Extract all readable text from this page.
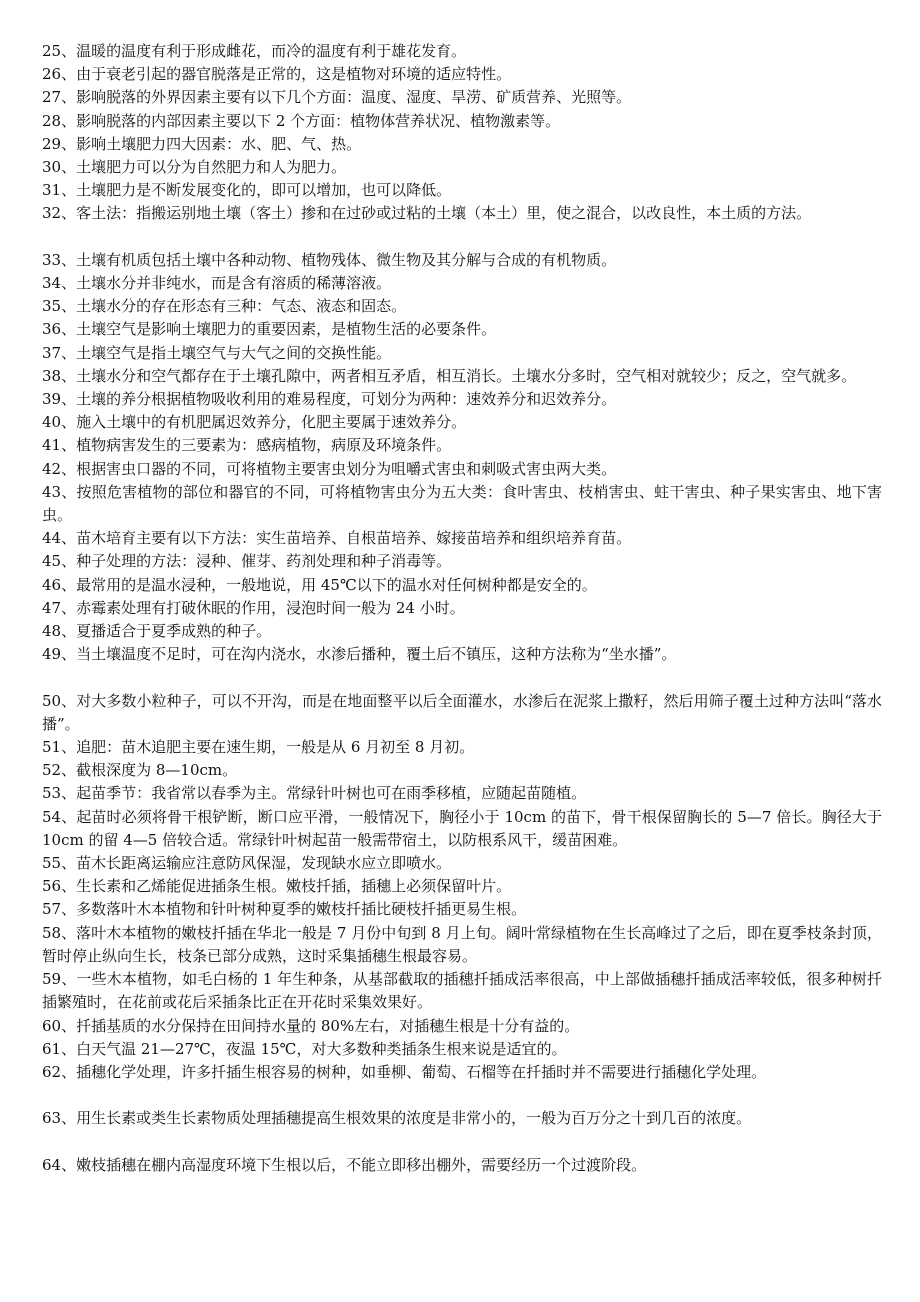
25、温暖的温度有利于形成雌花，而冷的温度有利于雄花发育。

26、由于衰老引起的器官脱落是正常的，这是植物对环境的适应特性。

27、影响脱落的外界因素主要有以下几个方面：温度、湿度、旱涝、矿质营养、光照等。

28、影响脱落的内部因素主要以下 2 个方面：植物体营养状况、植物激素等。

29、影响土壤肥力四大因素：水、肥、气、热。

30、土壤肥力可以分为自然肥力和人为肥力。

31、土壤肥力是不断发展变化的，即可以增加，也可以降低。

32、客土法：指搬运别地土壤（客土）掺和在过砂或过粘的土壤（本土）里，使之混合，以改良性，本土质的方法。

33、土壤有机质包括土壤中各种动物、植物残体、微生物及其分解与合成的有机物质。

34、土壤水分并非纯水，而是含有溶质的稀薄溶液。

35、土壤水分的存在形态有三种：气态、液态和固态。

36、土壤空气是影响土壤肥力的重要因素，是植物生活的必要条件。

37、土壤空气是指土壤空气与大气之间的交换性能。

38、土壤水分和空气都存在于土壤孔隙中，两者相互矛盾，相互消长。土壤水分多时，空气相对就较少；反之，空气就多。

39、土壤的养分根据植物吸收利用的难易程度，可划分为两种：速效养分和迟效养分。

40、施入土壤中的有机肥属迟效养分，化肥主要属于速效养分。

41、植物病害发生的三要素为：感病植物，病原及环境条件。

42、根据害虫口器的不同，可将植物主要害虫划分为咀嚼式害虫和刺吸式害虫两大类。

43、按照危害植物的部位和器官的不同，可将植物害虫分为五大类：食叶害虫、枝梢害虫、蛀干害虫、种子果实害虫、地下害虫。

44、苗木培育主要有以下方法：实生苗培养、自根苗培养、嫁接苗培养和组织培养育苗。

45、种子处理的方法：浸种、催芽、药剂处理和种子消毒等。

46、最常用的是温水浸种，一般地说，用 45℃以下的温水对任何树种都是安全的。

47、赤霉素处理有打破休眠的作用，浸泡时间一般为 24 小时。

48、夏播适合于夏季成熟的种子。

49、当土壤温度不足时，可在沟内浇水，水渗后播种，覆土后不镇压，这种方法称为“坐水播”。

50、对大多数小粒种子，可以不开沟，而是在地面整平以后全面灌水，水渗后在泥浆上撒籽，然后用筛子覆土过种方法叫“落水播”。

51、追肥：苗木追肥主要在速生期，一般是从 6 月初至 8 月初。

52、截根深度为 8—10cm。

53、起苗季节：我省常以春季为主。常绿针叶树也可在雨季移植，应随起苗随植。

54、起苗时必须将骨干根铲断，断口应平滑，一般情况下，胸径小于 10cm 的苗下，骨干根保留胸长的 5—7 倍长。胸径大于 10cm 的留 4—5 倍较合适。常绿针叶树起苗一般需带宿土，以防根系风干，缓苗困难。

55、苗木长距离运输应注意防风保湿，发现缺水应立即喷水。

56、生长素和乙烯能促进插条生根。嫩枝扦插，插穗上必须保留叶片。

57、多数落叶木本植物和针叶树种夏季的嫩枝扦插比硬枝扦插更易生根。

58、落叶木本植物的嫩枝扦插在华北一般是 7 月份中旬到 8 月上旬。阔叶常绿植物在生长高峰过了之后，即在夏季枝条封顶，暂时停止纵向生长，枝条已部分成熟，这时采集插穗生根最容易。

59、一些木本植物，如毛白杨的 1 年生种条，从基部截取的插穗扦插成活率很高，中上部做插穗扦插成活率较低，很多种树扦插繁殖时，在花前或花后采插条比正在开花时采集效果好。

60、扦插基质的水分保持在田间持水量的 80%左右，对插穗生根是十分有益的。

61、白天气温 21—27℃，夜温 15℃，对大多数种类插条生根来说是适宜的。

62、插穗化学处理，许多扦插生根容易的树种，如垂柳、葡萄、石榴等在扦插时并不需要进行插穗化学处理。

63、用生长素或类生长素物质处理插穗提高生根效果的浓度是非常小的，一般为百万分之十到几百的浓度。

64、嫩枝插穗在棚内高湿度环境下生根以后，不能立即移出棚外，需要经历一个过渡阶段。
